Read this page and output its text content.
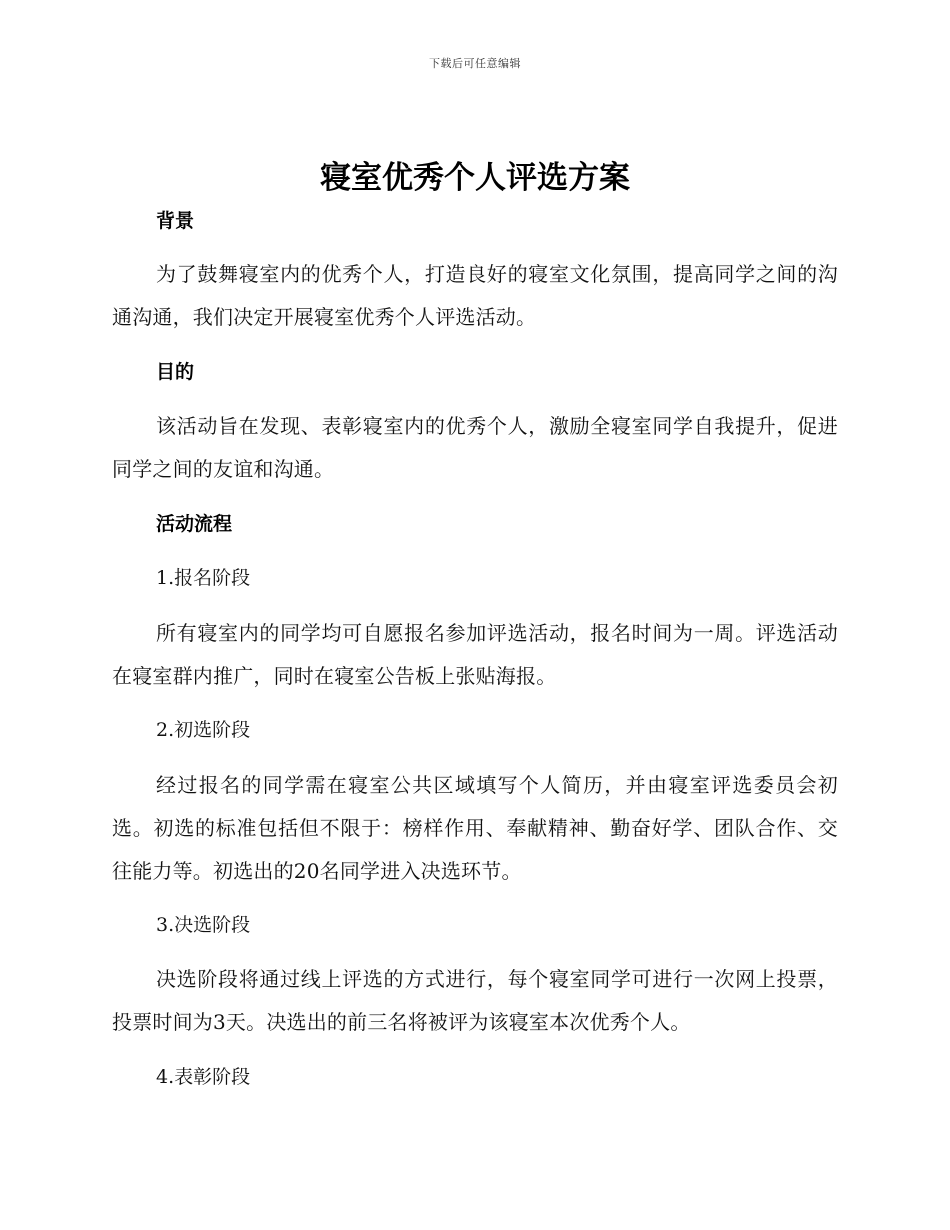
下载后可任意编辑
寝室优秀个人评选方案
背景
为了鼓舞寝室内的优秀个人，打造良好的寝室文化氛围，提高同学之间的沟通沟通，我们决定开展寝室优秀个人评选活动。
目的
该活动旨在发现、表彰寝室内的优秀个人，激励全寝室同学自我提升，促进同学之间的友谊和沟通。
活动流程
1.报名阶段
所有寝室内的同学均可自愿报名参加评选活动，报名时间为一周。评选活动在寝室群内推广，同时在寝室公告板上张贴海报。
2.初选阶段
经过报名的同学需在寝室公共区域填写个人简历，并由寝室评选委员会初选。初选的标准包括但不限于：榜样作用、奉献精神、勤奋好学、团队合作、交往能力等。初选出的20名同学进入决选环节。
3.决选阶段
决选阶段将通过线上评选的方式进行，每个寝室同学可进行一次网上投票，投票时间为3天。决选出的前三名将被评为该寝室本次优秀个人。
4.表彰阶段
